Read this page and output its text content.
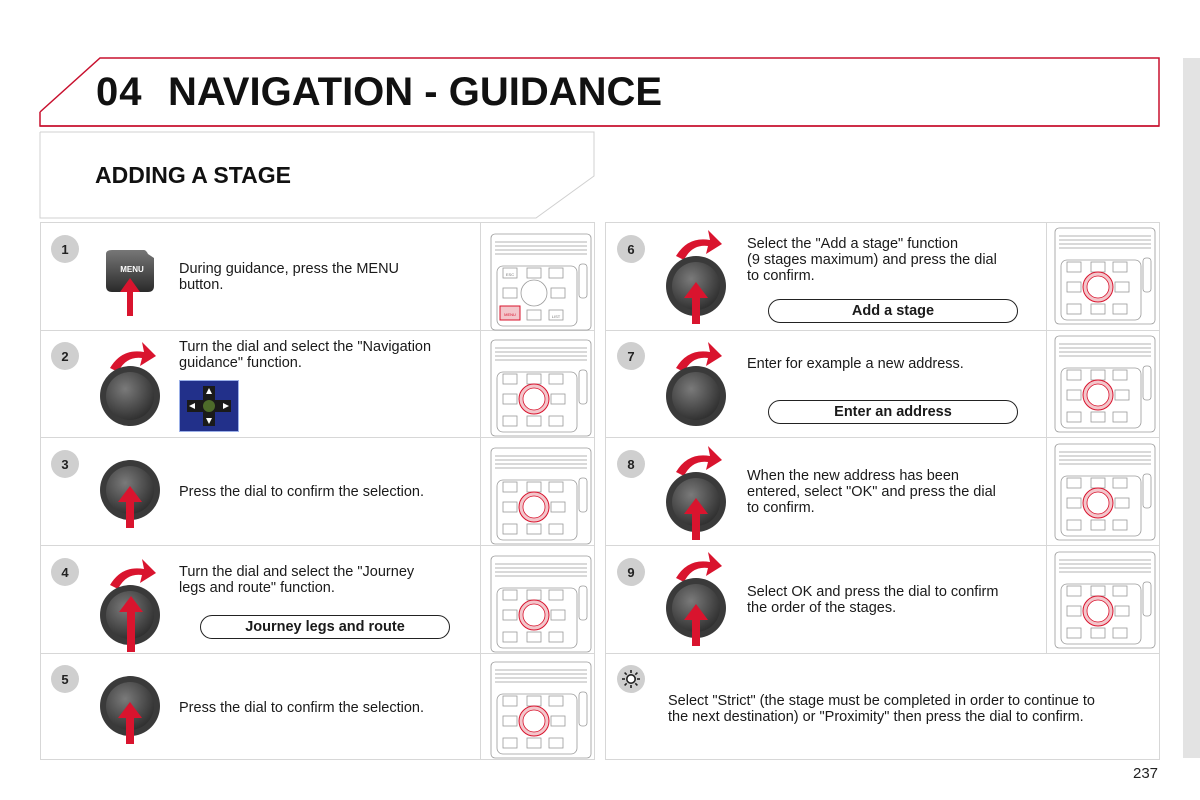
04 NAVIGATION - GUIDANCE
ADDING A STAGE
1
2
3
4
5
6
7
8
9
MENU	During guidance, press the MENU
button.
Turn the dial and select the "Navigation
guidance" function.
Press the dial to confirm the selection.
Turn the dial and select the "Journey
legs and route" function.
Press the dial to confirm the selection.
Select the "Add a stage" function
(9 stages maximum) and press the dial
to confirm.
Enter for example a new address.
When the new address has been
entered, select "OK" and press the dial
to confirm.
Select OK and press the dial to confirm
the order of the stages.
Select "Strict" (the stage must be completed in order to continue to
the next destination) or "Proximity" then press the dial to confirm.
Journey legs and route
Add a stage
Enter an address
MENU
ESC
LIST
237
